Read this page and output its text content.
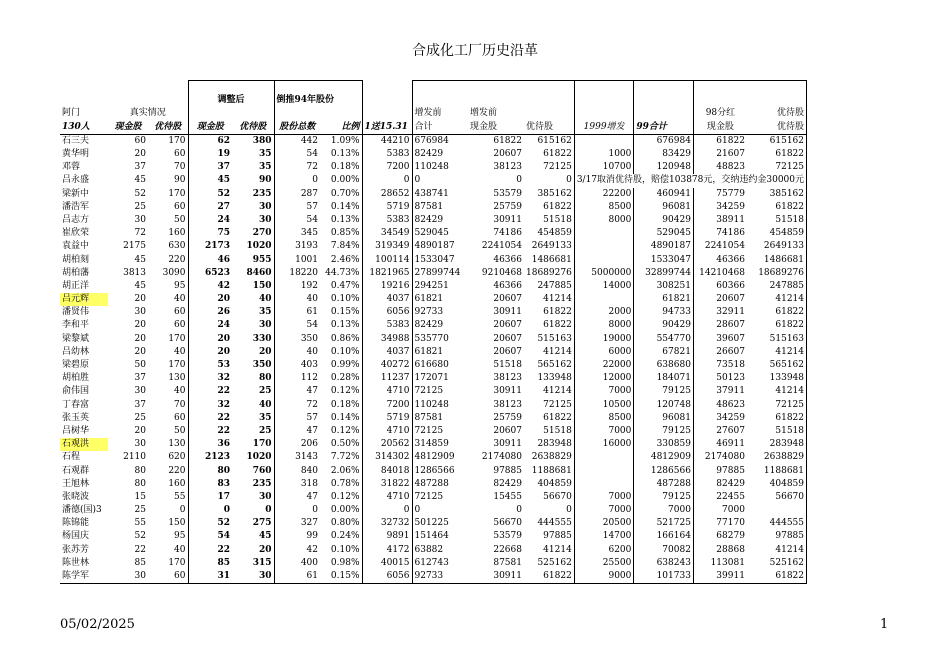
合成化工厂历史沿革

			调整后		倒推94年股份									
阿门	真实情况							增发前	增发前				98分红	优待股
130人	现金股	优待股	现金股	优待股	股份总数	比例	1送15.31	合计	现金股	优待股	1999增发	99合计	现金股	优待股
石三夫	60	170	62	380	442	1.09%	44210	676984	61822	615162		676984	61822	615162
黄华明	20	60	19	35	54	0.13%	5383	82429	20607	61822	1000	83429	21607	61822
邓蓉	37	70	37	35	72	0.18%	7200	110248	38123	72125	10700	120948	48823	72125
吕永盛	45	90	45	90	0	0.00%	0	0	0	0	3/17取消优待股，赔偿103878元，交纳违约金30000元			
梁新中	52	170	52	235	287	0.70%	28652	438741	53579	385162	22200	460941	75779	385162
潘浩军	25	60	27	30	57	0.14%	5719	87581	25759	61822	8500	96081	34259	61822
吕志方	30	50	24	30	54	0.13%	5383	82429	30911	51518	8000	90429	38911	51518
崔欣荣	72	160	75	270	345	0.85%	34549	529045	74186	454859		529045	74186	454859
袁益中	2175	630	2173	1020	3193	7.84%	319349	4890187	2241054	2649133		4890187	2241054	2649133
胡柏刻	45	220	46	955	1001	2.46%	100114	1533047	46366	1486681		1533047	46366	1486681
胡柏藩	3813	3090	6523	8460	18220	44.73%	1821965	27899744	9210468	18689276	5000000	32899744	14210468	18689276
胡正洋	45	95	42	150	192	0.47%	19216	294251	46366	247885	14000	308251	60366	247885
吕元辉	20	40	20	40	40	0.10%	4037	61821	20607	41214		61821	20607	41214
潘贤伟	30	60	26	35	61	0.15%	6056	92733	30911	61822	2000	94733	32911	61822
李和平	20	60	24	30	54	0.13%	5383	82429	20607	61822	8000	90429	28607	61822
梁黎斌	20	170	20	330	350	0.86%	34988	535770	20607	515163	19000	554770	39607	515163
吕幼林	20	40	20	20	40	0.10%	4037	61821	20607	41214	6000	67821	26607	41214
梁碧原	50	170	53	350	403	0.99%	40272	616680	51518	565162	22000	638680	73518	565162
胡柏胜	37	130	32	80	112	0.28%	11237	172071	38123	133948	12000	184071	50123	133948
俞伟国	30	40	22	25	47	0.12%	4710	72125	30911	41214	7000	79125	37911	41214
丁春富	37	70	32	40	72	0.18%	7200	110248	38123	72125	10500	120748	48623	72125
张玉英	25	60	22	35	57	0.14%	5719	87581	25759	61822	8500	96081	34259	61822
吕树华	20	50	22	25	47	0.12%	4710	72125	20607	51518	7000	79125	27607	51518
石观洪	30	130	36	170	206	0.50%	20562	314859	30911	283948	16000	330859	46911	283948
石程	2110	620	2123	1020	3143	7.72%	314302	4812909	2174080	2638829		4812909	2174080	2638829
石观群	80	220	80	760	840	2.06%	84018	1286566	97885	1188681		1286566	97885	1188681
王旭林	80	160	83	235	318	0.78%	31822	487288	82429	404859		487288	82429	404859
张晓波	15	55	17	30	47	0.12%	4710	72125	15455	56670	7000	79125	22455	56670
潘德(国)3	25	0	0	0	0	0.00%	0	0	0	0	7000	7000	7000	
陈锦能	55	150	52	275	327	0.80%	32732	501225	56670	444555	20500	521725	77170	444555
杨国庆	52	95	54	45	99	0.24%	9891	151464	53579	97885	14700	166164	68279	97885
张苏芳	22	40	22	20	42	0.10%	4172	63882	22668	41214	6200	70082	28868	41214
陈世林	85	170	85	315	400	0.98%	40015	612743	87581	525162	25500	638243	113081	525162
陈学军	30	60	31	30	61	0.15%	6056	92733	30911	61822	9000	101733	39911	61822
05/02/2025	1
